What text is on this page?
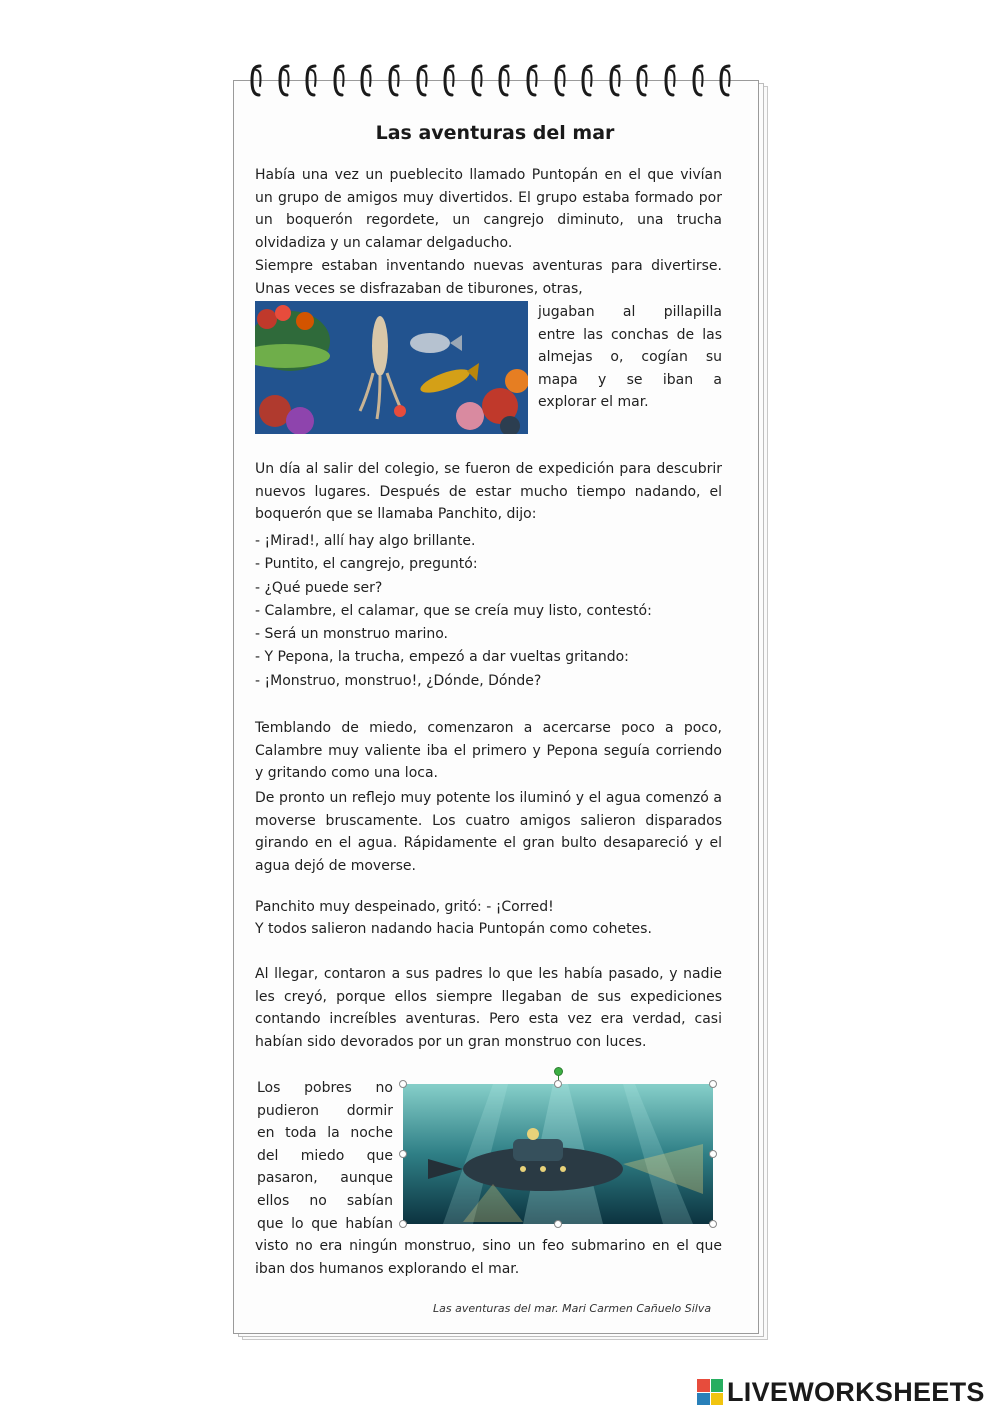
Las aventuras del mar
Había una vez un pueblecito llamado Puntopán en el que vivían un grupo de amigos muy divertidos. El grupo estaba formado por un boquerón regordete, un cangrejo diminuto, una trucha olvidadiza y un calamar delgaducho.
Siempre estaban inventando nuevas aventuras para divertirse. Unas veces se disfrazaban de tiburones, otras,
jugaban al pillapilla
entre las conchas de las
almejas o, cogían su
mapa y se iban a
explorar el mar.
Un día al salir del colegio, se fueron de expedición para descubrir nuevos lugares. Después de estar mucho tiempo nadando, el boquerón que se llamaba Panchito, dijo:
- ¡Mirad!, allí hay algo brillante.
- Puntito, el cangrejo, preguntó:
- ¿Qué puede ser?
- Calambre, el calamar, que se creía muy listo, contestó:
- Será un monstruo marino.
- Y Pepona, la trucha, empezó a dar vueltas gritando:
- ¡Monstruo, monstruo!, ¿Dónde, Dónde?
Temblando de miedo, comenzaron a acercarse poco a poco, Calambre muy valiente iba el primero y Pepona seguía corriendo y gritando como una loca.
De pronto un reflejo muy potente los iluminó y el agua comenzó a moverse bruscamente. Los cuatro amigos salieron disparados girando en el agua. Rápidamente el gran bulto desapareció y el agua dejó de moverse.
Panchito muy despeinado, gritó: - ¡Corred!
Y todos salieron nadando hacia Puntopán como cohetes.
Al llegar, contaron a sus padres lo que les había pasado, y nadie les creyó, porque ellos siempre llegaban de sus expediciones contando increíbles aventuras. Pero esta vez era verdad, casi habían sido devorados por un gran monstruo con luces.
Los pobres no
pudieron dormir
en toda la noche
del miedo que
pasaron, aunque
ellos no sabían
que lo que habían
visto no era ningún monstruo, sino un feo submarino en el que iban dos humanos explorando el mar.
Las aventuras del mar. Mari Carmen Cañuelo Silva
LIVEWORKSHEETS
